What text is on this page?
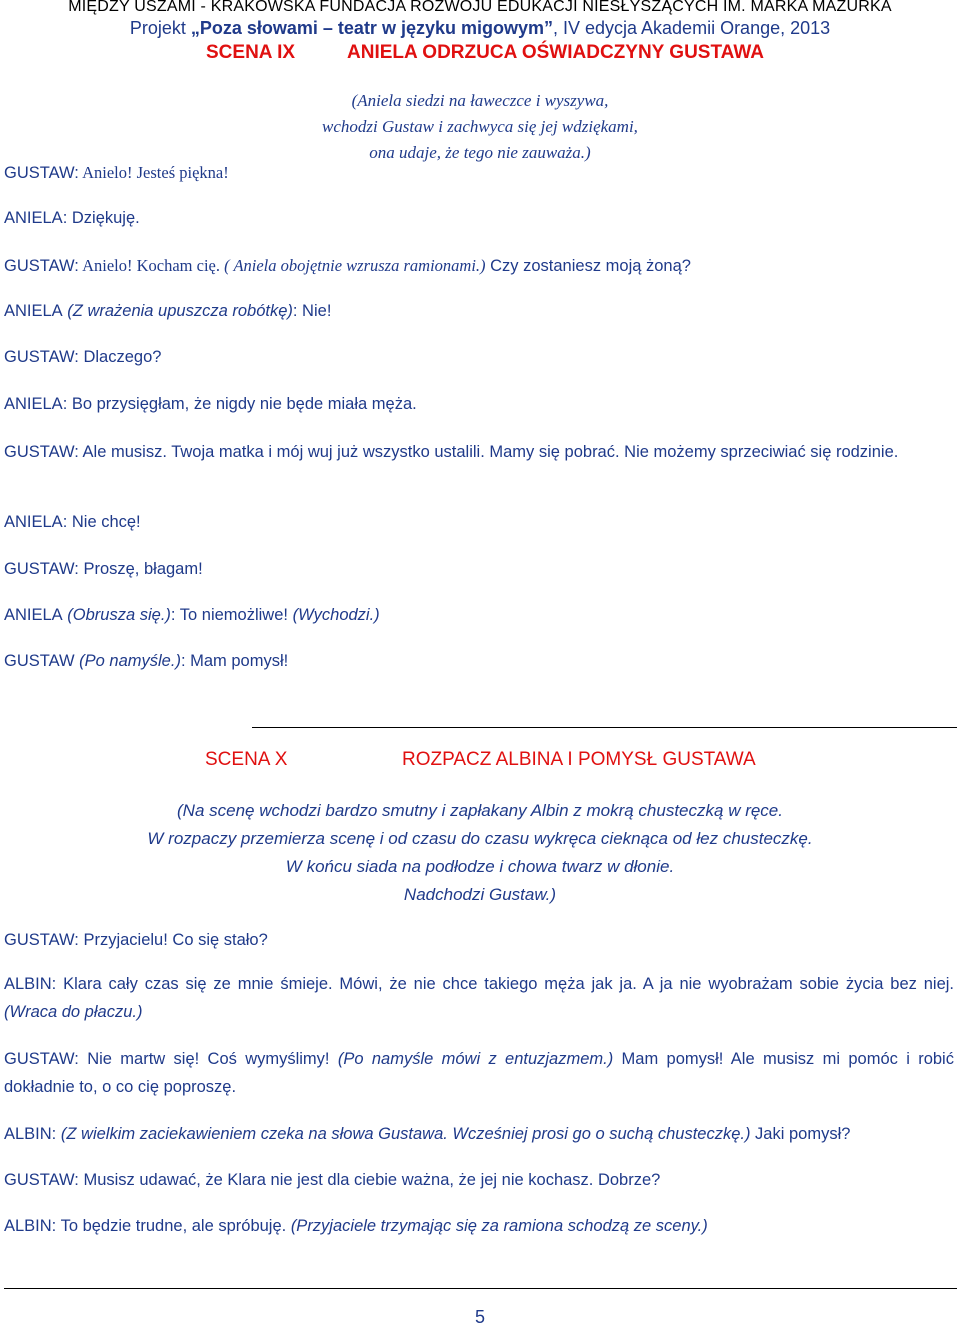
MIĘDZY USZAMI - KRAKOWSKA FUNDACJA ROZWOJU EDUKACJI NIESŁYSZĄCYCH IM. MARKA MAZURKA
Projekt „Poza słowami – teatr w języku migowym”, IV edycja Akademii Orange, 2013
SCENA IX	ANIELA ODRZUCA OŚWIADCZYNY GUSTAWA
(Aniela siedzi na ławeczce i wyszywa,
wchodzi Gustaw i zachwyca się jej wdziękami,
ona udaje, że tego nie zauważa.)
GUSTAW: Anielo! Jesteś piękna!
ANIELA: Dziękuję.
GUSTAW: Anielo! Kocham cię. ( Aniela obojętnie wzrusza ramionami.) Czy zostaniesz moją żoną?
ANIELA (Z wrażenia upuszcza robótkę): Nie!
GUSTAW: Dlaczego?
ANIELA: Bo przysięgłam, że nigdy nie będe miała męża.
GUSTAW: Ale musisz. Twoja matka i mój wuj już wszystko ustalili. Mamy się pobrać. Nie możemy sprzeciwiać się rodzinie.
ANIELA: Nie chcę!
GUSTAW: Proszę, błagam!
ANIELA (Obrusza się.): To niemożliwe! (Wychodzi.)
GUSTAW (Po namyśle.): Mam pomysł!
SCENA X	ROZPACZ ALBINA I POMYSŁ GUSTAWA
(Na scenę wchodzi bardzo smutny i zapłakany Albin z mokrą chusteczką w ręce.
W rozpaczy przemierza scenę i od czasu do czasu wykręca cieknąca od łez chusteczkę.
W końcu siada na podłodze i chowa twarz w dłonie.
Nadchodzi Gustaw.)
GUSTAW: Przyjacielu! Co się stało?
ALBIN: Klara cały czas się ze mnie śmieje. Mówi, że nie chce takiego męża jak ja. A ja nie wyobrażam sobie życia bez niej. (Wraca do płaczu.)
GUSTAW: Nie martw się! Coś wymyślimy! (Po namyśle mówi z entuzjazmem.) Mam pomysł! Ale musisz mi pomóc i robić dokładnie to, o co cię poproszę.
ALBIN: (Z wielkim zaciekawieniem czeka na słowa Gustawa. Wcześniej prosi go o suchą chusteczkę.) Jaki pomysł?
GUSTAW: Musisz udawać, że Klara nie jest dla ciebie ważna, że jej nie kochasz. Dobrze?
ALBIN: To będzie trudne, ale spróbuję. (Przyjaciele trzymając się za ramiona schodzą ze sceny.)
5
